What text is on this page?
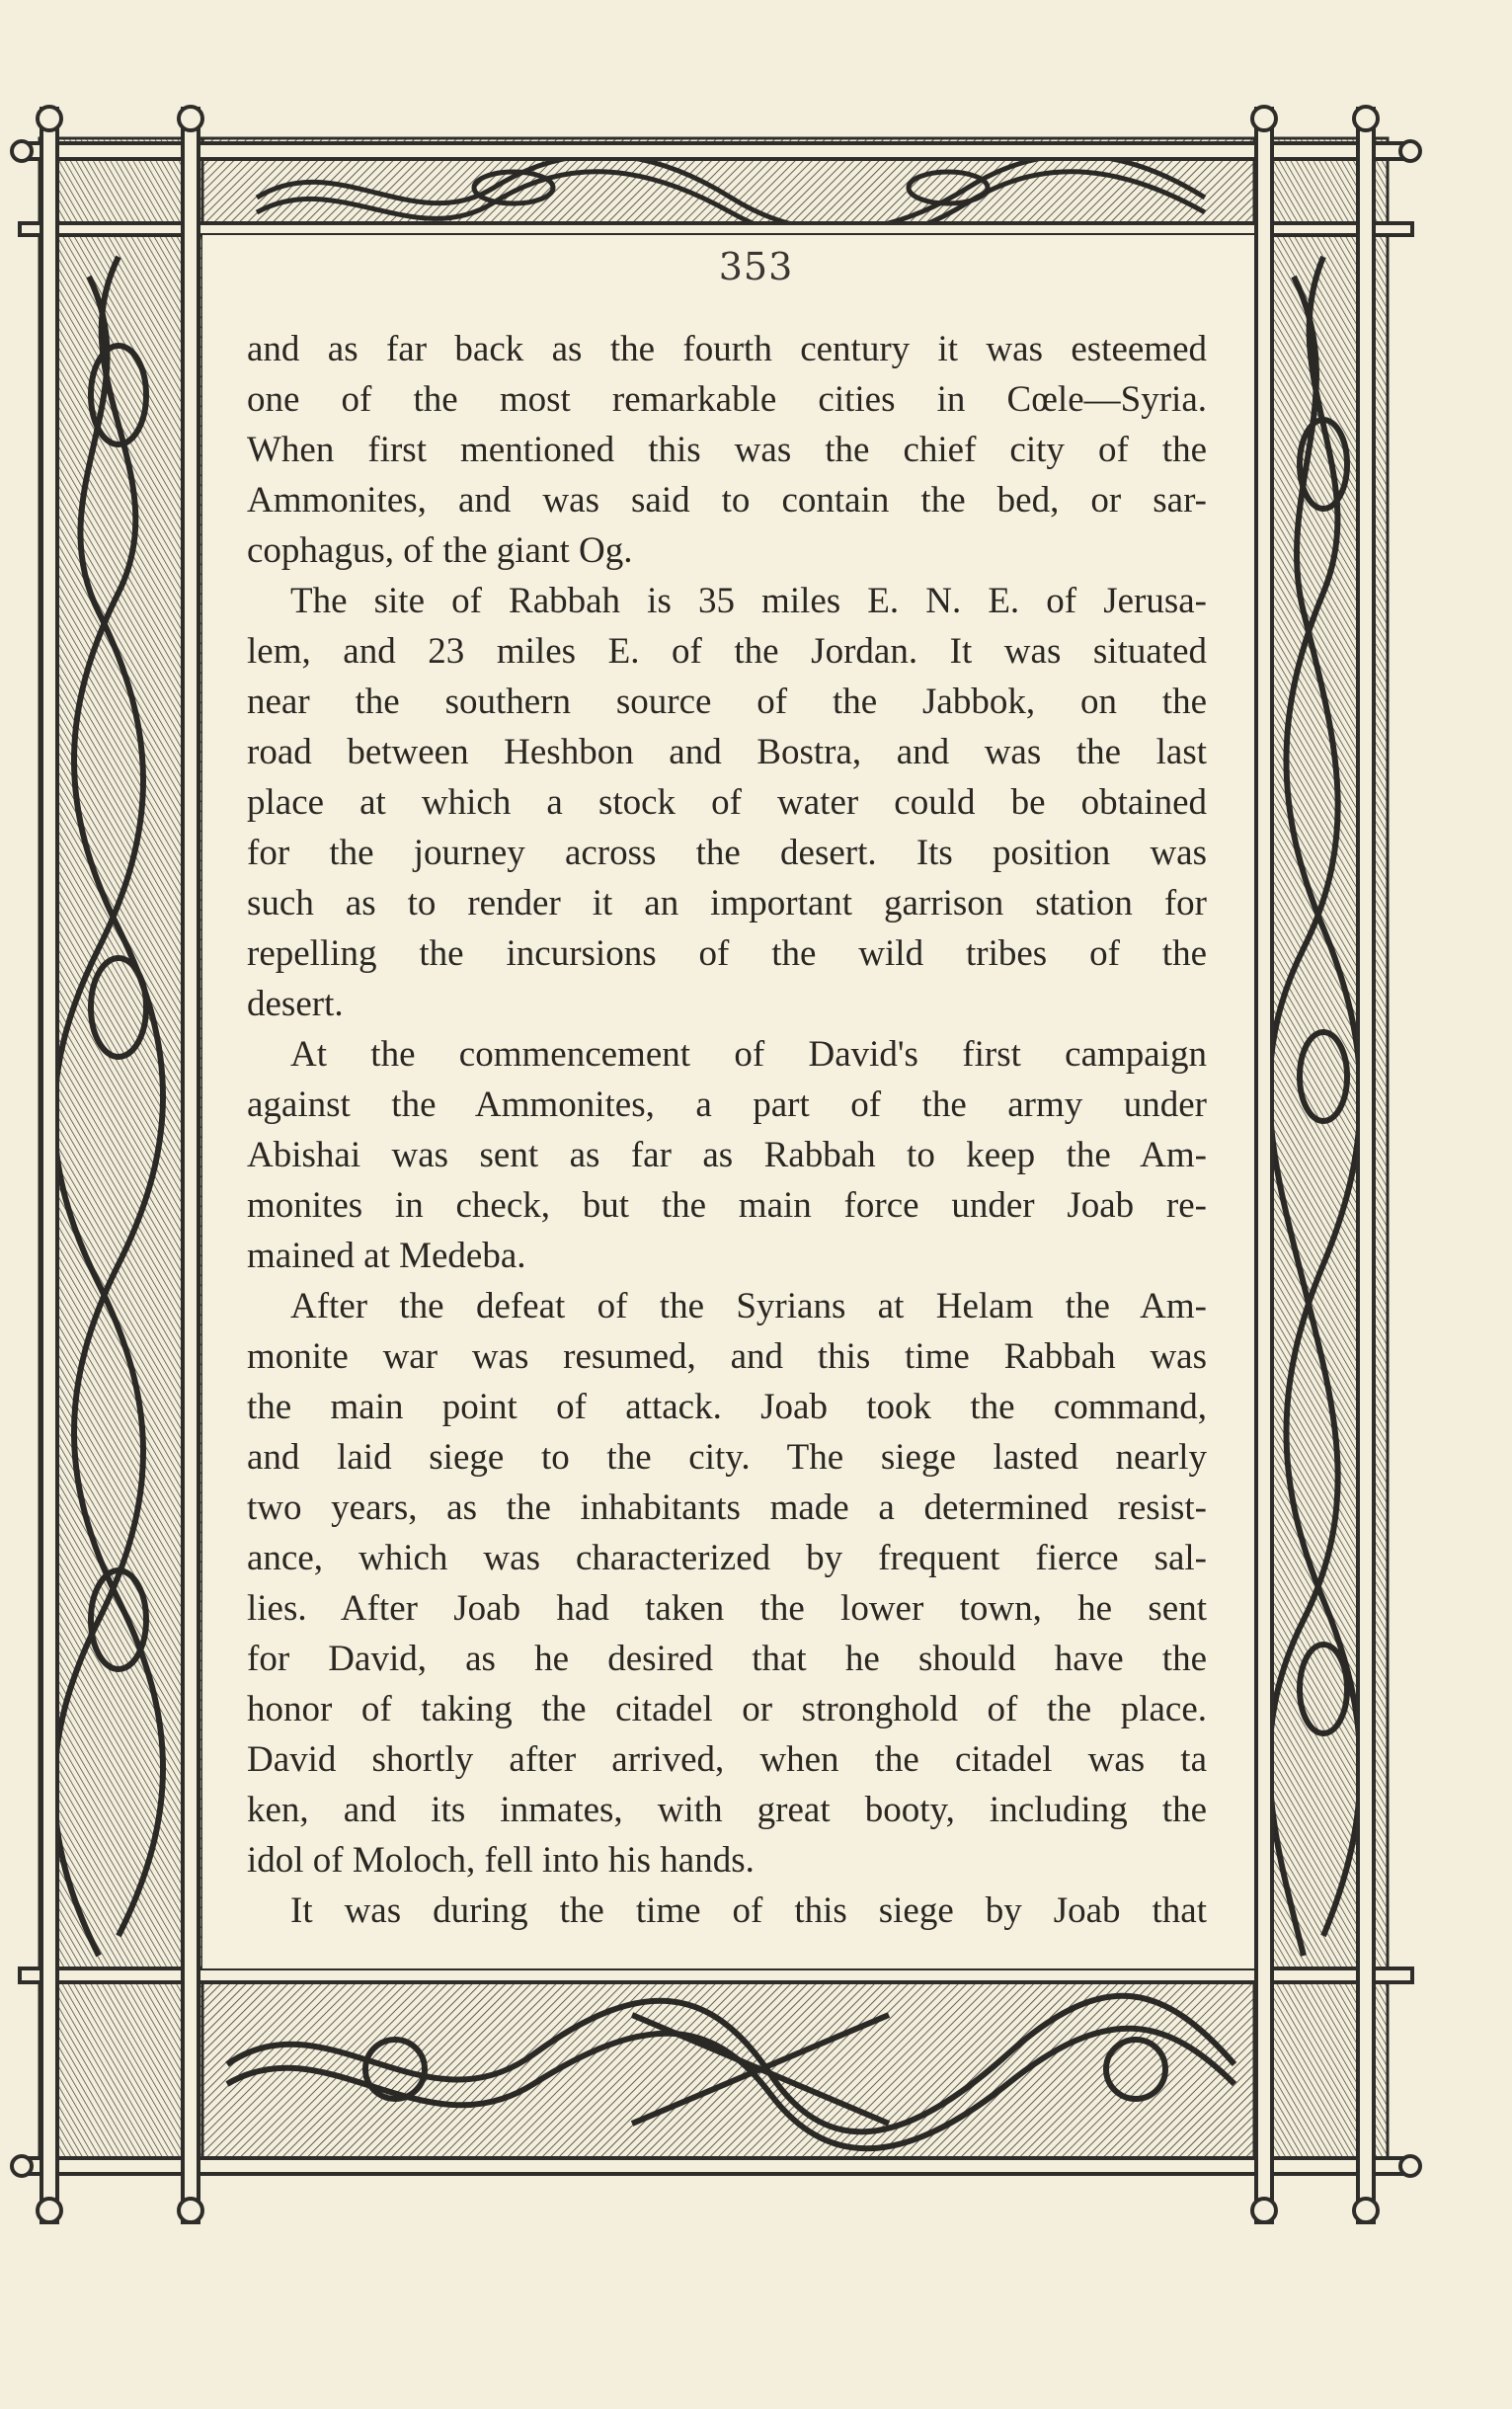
353
and as far back as the fourth century it was esteemed
one of the most remarkable cities in Cœle—Syria.
When first mentioned this was the chief city of the
Ammonites, and was said to contain the bed, or sar-
cophagus, of the giant Og.
The site of Rabbah is 35 miles E. N. E. of Jerusa-
lem, and 23 miles E. of the Jordan. It was situated
near the southern source of the Jabbok, on the
road between Heshbon and Bostra, and was the last
place at which a stock of water could be obtained
for the journey across the desert. Its position was
such as to render it an important garrison station for
repelling the incursions of the wild tribes of the
desert.
At the commencement of David's first campaign
against the Ammonites, a part of the army under
Abishai was sent as far as Rabbah to keep the Am-
monites in check, but the main force under Joab re-
mained at Medeba.
After the defeat of the Syrians at Helam the Am-
monite war was resumed, and this time Rabbah was
the main point of attack. Joab took the command,
and laid siege to the city. The siege lasted nearly
two years, as the inhabitants made a determined resist-
ance, which was characterized by frequent fierce sal-
lies. After Joab had taken the lower town, he sent
for David, as he desired that he should have the
honor of taking the citadel or stronghold of the place.
David shortly after arrived, when the citadel was ta
ken, and its inmates, with great booty, including the
idol of Moloch, fell into his hands.
It was during the time of this siege by Joab that
